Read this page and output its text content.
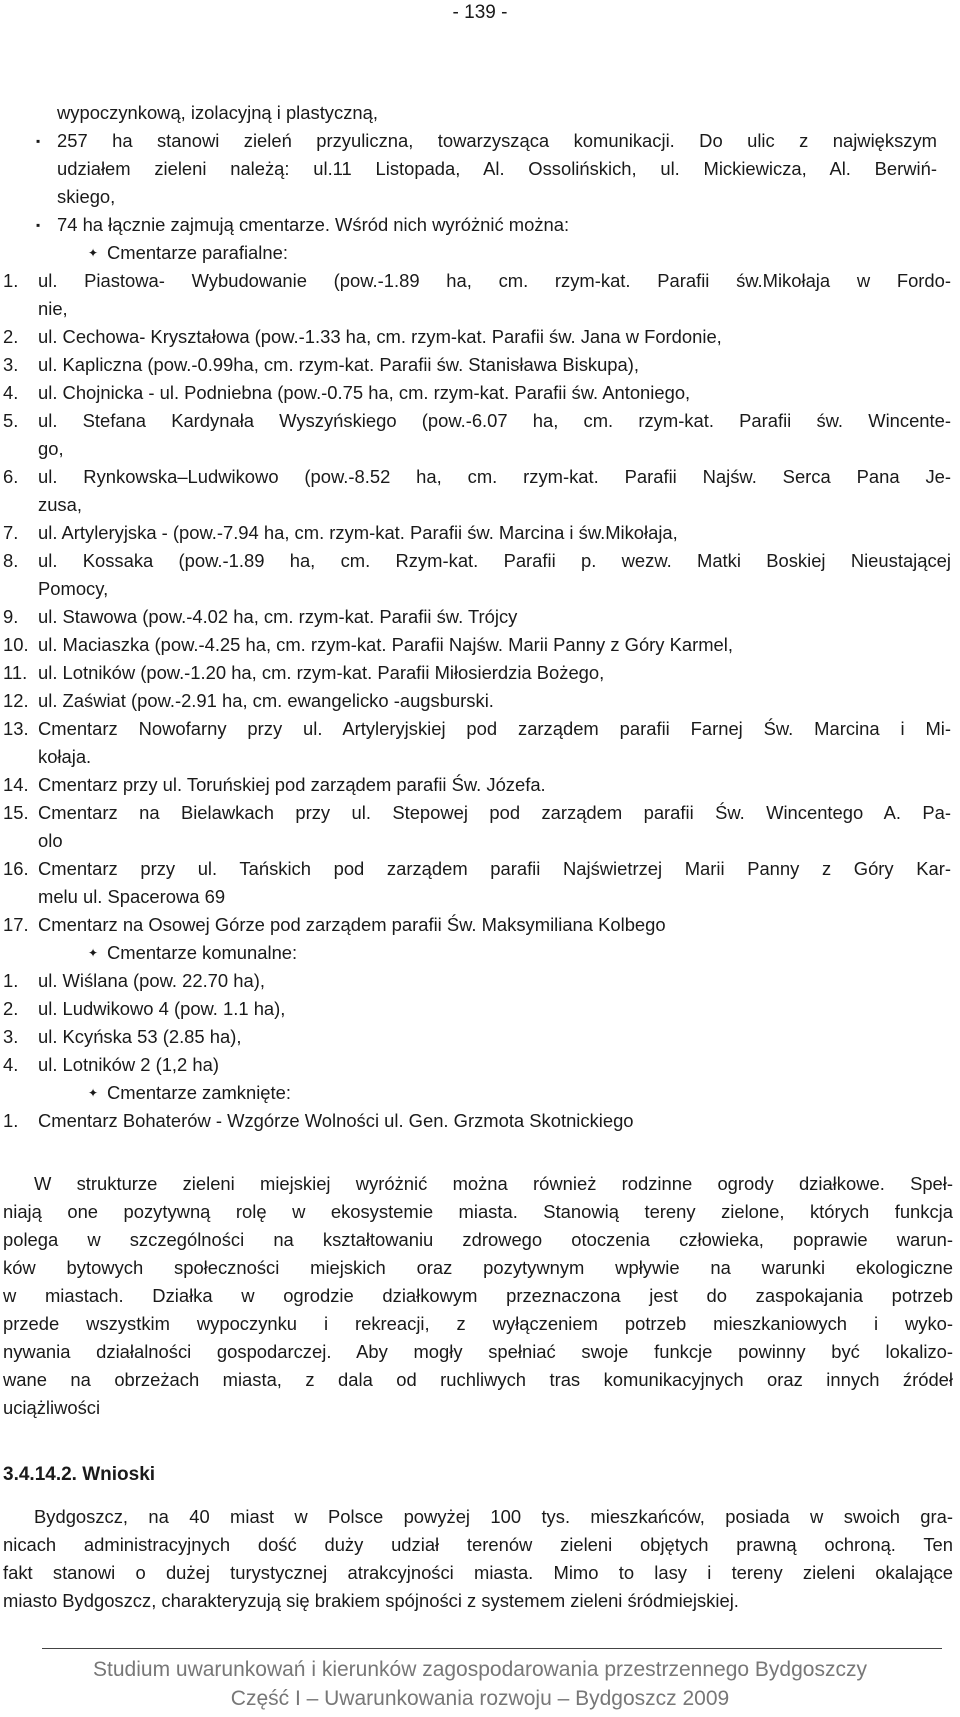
- 139 -
wypoczynkową, izolacyjną i plastyczną,
▪ 257 ha stanowi zieleń przyuliczna, towarzysząca komunikacji. Do ulic z największym
udziałem zieleni należą: ul.11 Listopada, Al. Ossolińskich, ul. Mickiewicza, Al. Berwiń-
skiego,
▪ 74 ha łącznie zajmują cmentarze. Wśród nich wyróżnić można:
✦ Cmentarze parafialne:
1. ul. Piastowa- Wybudowanie (pow.-1.89 ha, cm. rzym-kat. Parafii św.Mikołaja w Fordo-
nie,
2. ul. Cechowa- Kryształowa (pow.-1.33 ha, cm. rzym-kat. Parafii św. Jana w Fordonie,
3. ul. Kapliczna (pow.-0.99ha, cm. rzym-kat. Parafii św. Stanisława Biskupa),
4. ul. Chojnicka - ul. Podniebna (pow.-0.75 ha, cm. rzym-kat. Parafii św. Antoniego,
5. ul. Stefana Kardynała Wyszyńskiego (pow.-6.07 ha, cm. rzym-kat. Parafii św. Wincente-
go,
6. ul. Rynkowska–Ludwikowo (pow.-8.52 ha, cm. rzym-kat. Parafii Najśw. Serca Pana Je-
zusa,
7. ul. Artyleryjska - (pow.-7.94 ha, cm. rzym-kat. Parafii św. Marcina i św.Mikołaja,
8. ul. Kossaka (pow.-1.89 ha, cm. Rzym-kat. Parafii p. wezw. Matki Boskiej Nieustającej
Pomocy,
9. ul. Stawowa (pow.-4.02 ha, cm. rzym-kat. Parafii św. Trójcy
10. ul. Maciaszka (pow.-4.25 ha, cm. rzym-kat. Parafii Najśw. Marii Panny z Góry Karmel,
11. ul. Lotników (pow.-1.20 ha, cm. rzym-kat. Parafii Miłosierdzia Bożego,
12. ul. Zaświat (pow.-2.91 ha, cm. ewangelicko -augsburski.
13. Cmentarz Nowofarny przy ul. Artyleryjskiej pod zarządem parafii Farnej Św. Marcina i Mi-
kołaja.
14. Cmentarz przy ul. Toruńskiej pod zarządem parafii Św. Józefa.
15. Cmentarz na Bielawkach przy ul. Stepowej pod zarządem parafii Św. Wincentego A. Pa-
olo
16. Cmentarz przy ul. Tańskich pod zarządem parafii Najświetrzej Marii Panny z Góry Kar-
melu ul. Spacerowa 69
17. Cmentarz na Osowej Górze pod zarządem parafii Św. Maksymiliana Kolbego
✦ Cmentarze komunalne:
1. ul. Wiślana (pow. 22.70 ha),
2. ul. Ludwikowo 4 (pow. 1.1 ha),
3. ul. Kcyńska 53 (2.85 ha),
4. ul. Lotników 2 (1,2 ha)
✦ Cmentarze zamknięte:
1. Cmentarz Bohaterów - Wzgórze Wolności ul. Gen. Grzmota Skotnickiego
W strukturze zieleni miejskiej wyróżnić można również rodzinne ogrody działkowe. Speł-
niają one pozytywną rolę w ekosystemie miasta. Stanowią tereny zielone, których funkcja
polega w szczególności na kształtowaniu zdrowego otoczenia człowieka, poprawie warun-
ków bytowych społeczności miejskich oraz pozytywnym wpływie na warunki ekologiczne
w miastach. Działka w ogrodzie działkowym przeznaczona jest do zaspokajania potrzeb
przede wszystkim wypoczynku i rekreacji, z wyłączeniem potrzeb mieszkaniowych i wyko-
nywania działalności gospodarczej. Aby mogły spełniać swoje funkcje powinny być lokalizo-
wane na obrzeżach miasta, z dala od ruchliwych tras komunikacyjnych oraz innych źródeł
uciążliwości
3.4.14.2. Wnioski
Bydgoszcz, na 40 miast w Polsce powyżej 100 tys. mieszkańców, posiada w swoich gra-
nicach administracyjnych dość duży udział terenów zieleni objętych prawną ochroną. Ten
fakt stanowi o dużej turystycznej atrakcyjności miasta. Mimo to lasy i tereny zieleni okalające
miasto Bydgoszcz, charakteryzują się brakiem spójności z systemem zieleni śródmiejskiej.
Studium uwarunkowań i kierunków zagospodarowania przestrzennego Bydgoszczy
Część I – Uwarunkowania rozwoju – Bydgoszcz 2009
